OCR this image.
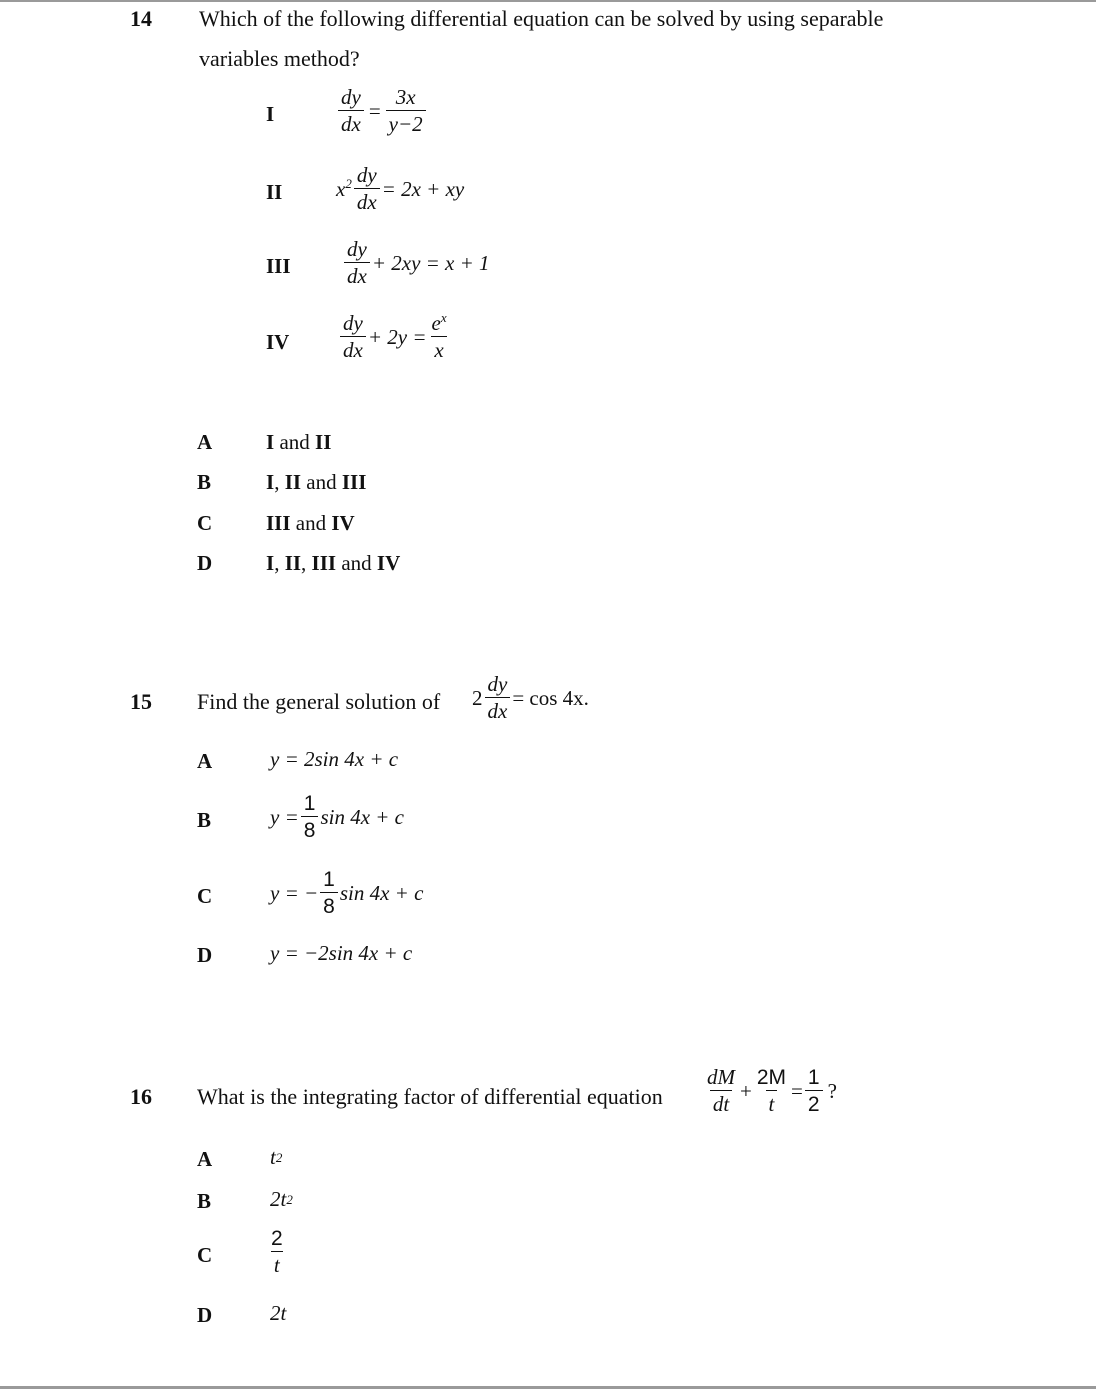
14 Which of the following differential equation can be solved by using separable
variables method?
I	$\frac{dy}{dx} = \frac{3x}{y-2}$
II	$x^2 \frac{dy}{dx} = 2x$ + xy
III	$\frac{dy}{dx} + 2xy = x + 1$
IV $\frac{dy}{dx} + 2y = \frac{e^x}{x}$
A	I and II
B	I, II and III
C	III and IV
D	I, II, III and IV
15 Find the general solution of $2 \frac{dy}{dx} = \cos 4x$.
A	y = 2sin 4x + c
B	$y = \frac{1}{8}$ sin 4x + c
C	y = − $\frac{1}{8}$ sin 4x + c
D	y = −2sin 4x + c
16 What is the integrating factor of differential equation $\frac{dM}{dt} + \frac{2M}{t} = \frac{1}{2}$ ?
A	t 2
B	2t 2
C	$\frac{2}{t}$
D	2t
